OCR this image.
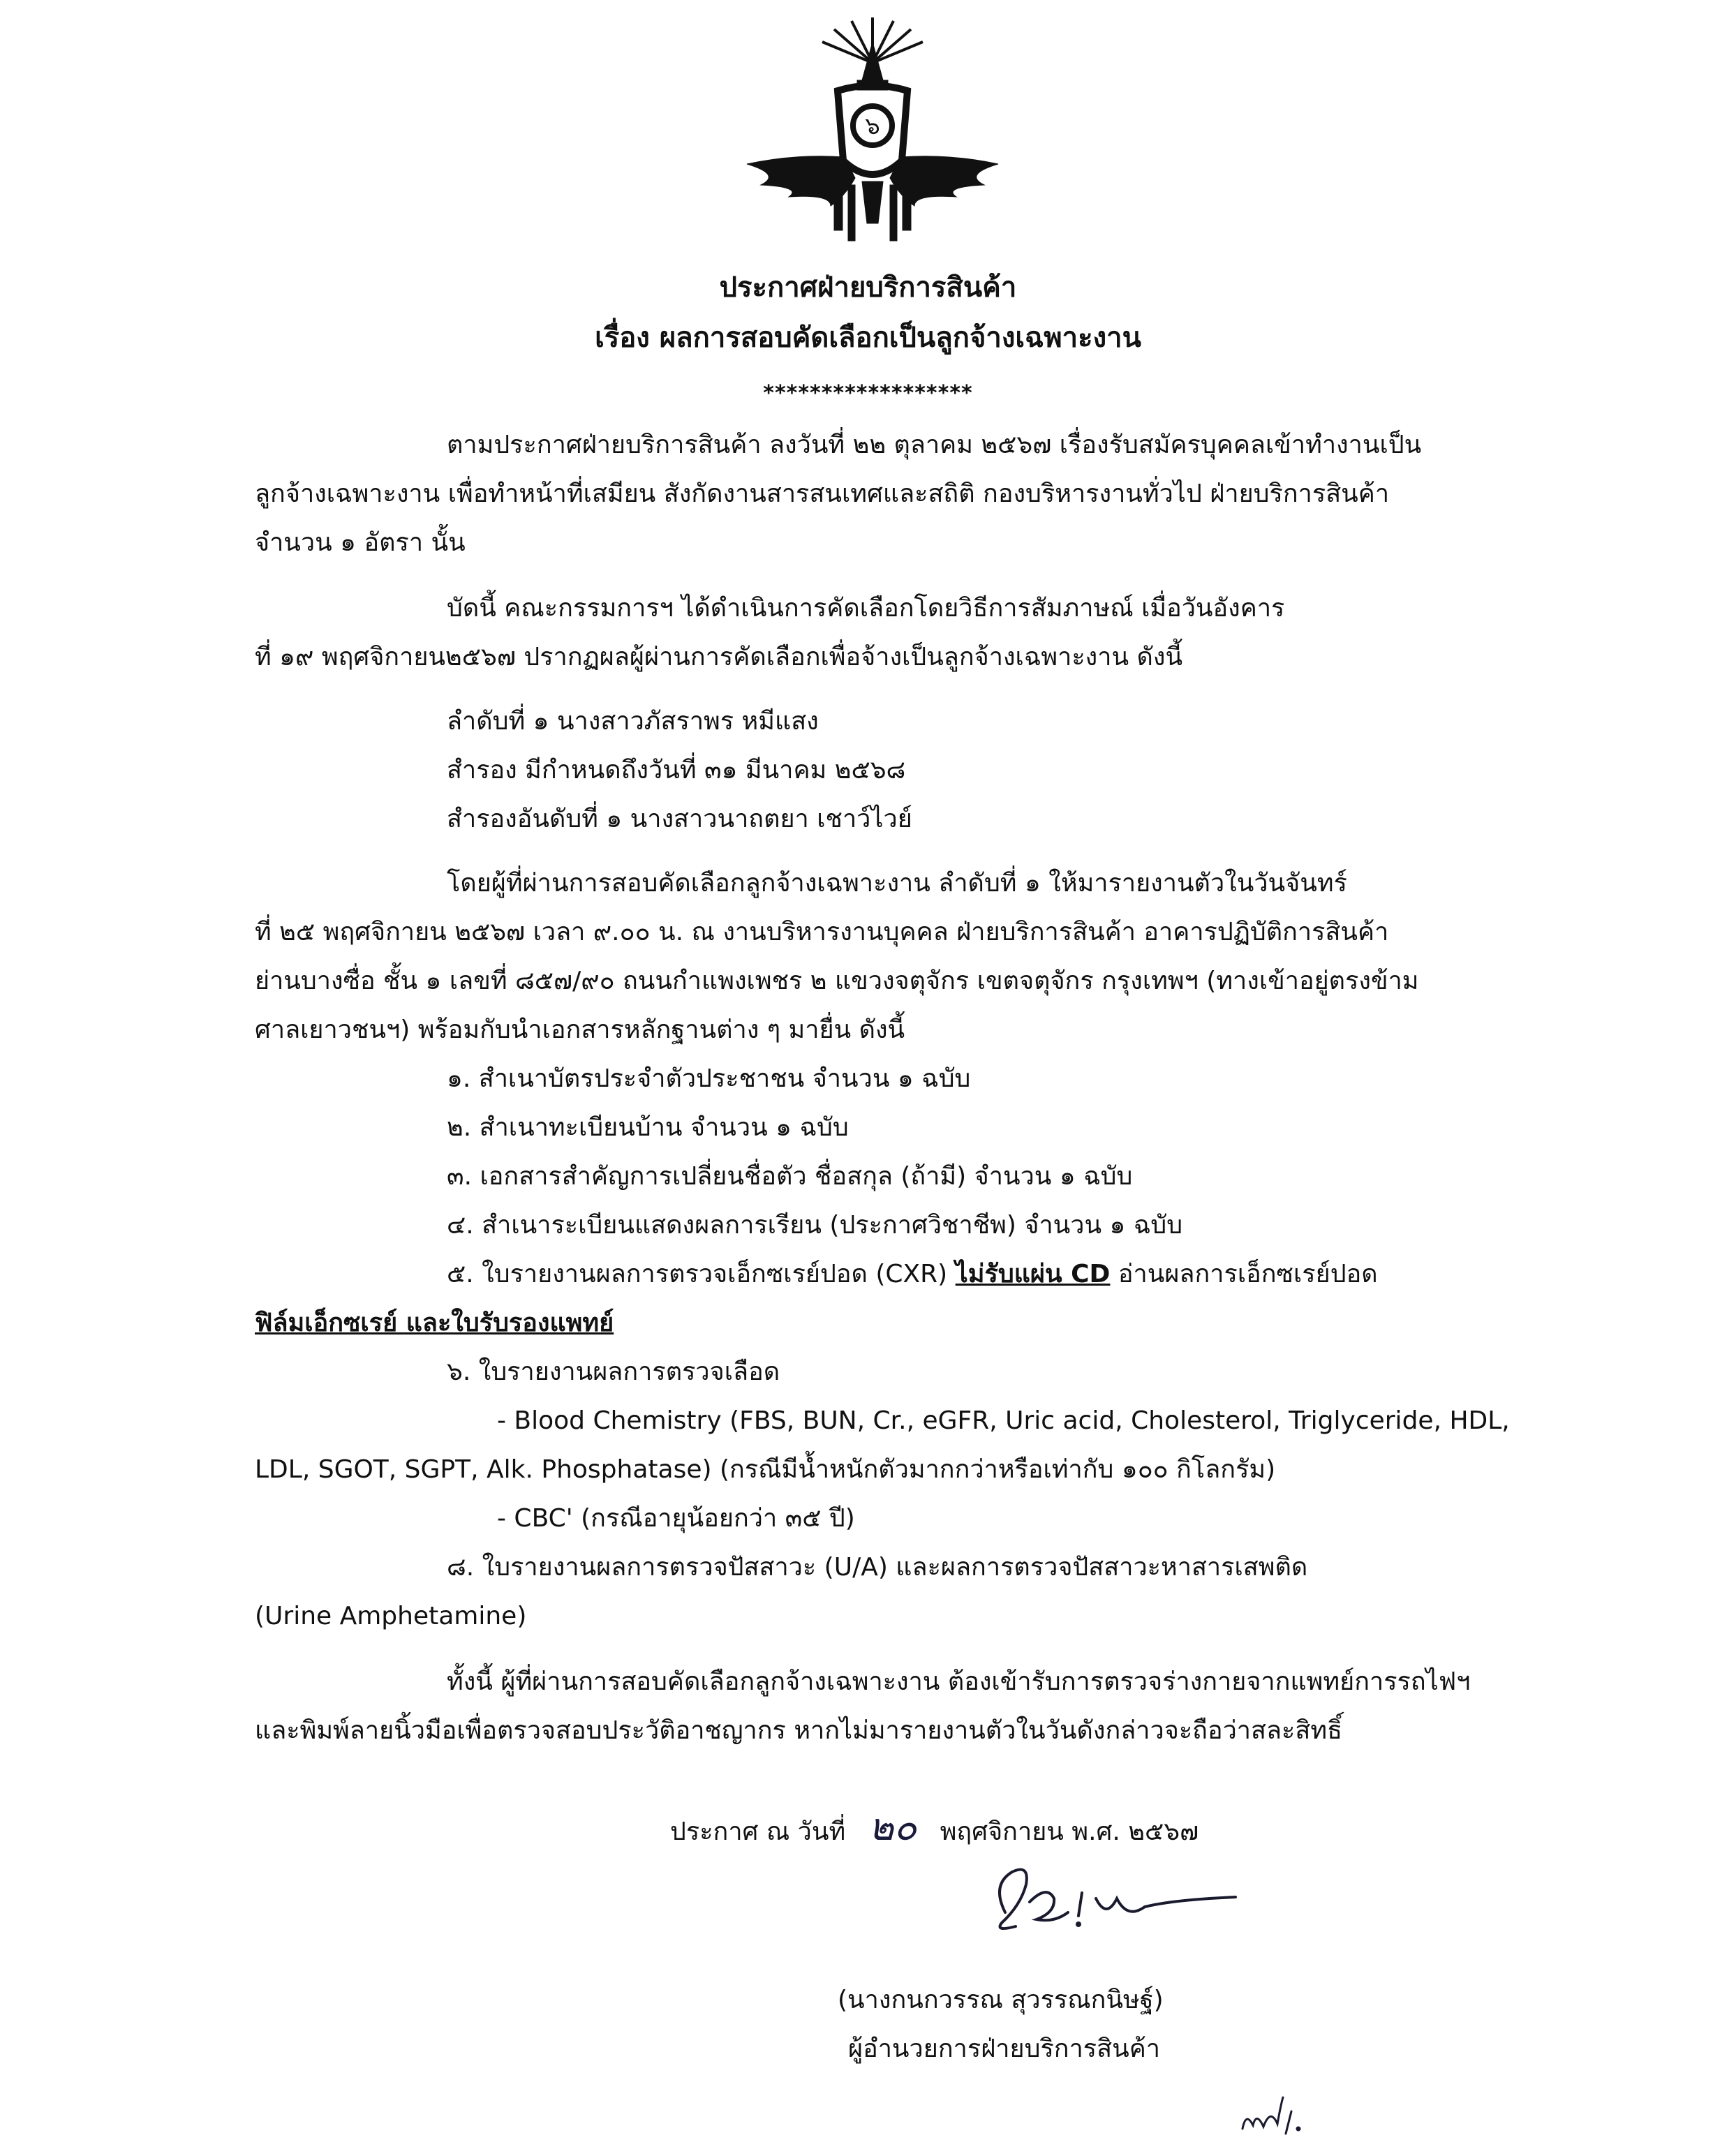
๖
ประกาศฝ่ายบริการสินค้า
เรื่อง ผลการสอบคัดเลือกเป็นลูกจ้างเฉพาะงาน
******************
ตามประกาศฝ่ายบริการสินค้า ลงวันที่ ๒๒ ตุลาคม ๒๕๖๗ เรื่องรับสมัครบุคคลเข้าทำงานเป็น
ลูกจ้างเฉพาะงาน เพื่อทำหน้าที่เสมียน สังกัดงานสารสนเทศและสถิติ กองบริหารงานทั่วไป ฝ่ายบริการสินค้า
จำนวน ๑ อัตรา นั้น
บัดนี้ คณะกรรมการฯ ได้ดำเนินการคัดเลือกโดยวิธีการสัมภาษณ์ เมื่อวันอังคาร
ที่ ๑๙ พฤศจิกายน๒๕๖๗ ปรากฏผลผู้ผ่านการคัดเลือกเพื่อจ้างเป็นลูกจ้างเฉพาะงาน ดังนี้
ลำดับที่ ๑ นางสาวภัสราพร หมีแสง
สำรอง มีกำหนดถึงวันที่ ๓๑ มีนาคม ๒๕๖๘
สำรองอันดับที่ ๑ นางสาวนาถตยา เชาว์ไวย์
โดยผู้ที่ผ่านการสอบคัดเลือกลูกจ้างเฉพาะงาน ลำดับที่ ๑ ให้มารายงานตัวในวันจันทร์
ที่ ๒๕ พฤศจิกายน ๒๕๖๗ เวลา ๙.๐๐ น. ณ งานบริหารงานบุคคล ฝ่ายบริการสินค้า อาคารปฏิบัติการสินค้า
ย่านบางซื่อ ชั้น ๑ เลขที่ ๘๕๗/๙๐ ถนนกำแพงเพชร ๒ แขวงจตุจักร เขตจตุจักร กรุงเทพฯ (ทางเข้าอยู่ตรงข้าม
ศาลเยาวชนฯ) พร้อมกับนำเอกสารหลักฐานต่าง ๆ มายื่น ดังนี้
๑. สำเนาบัตรประจำตัวประชาชน จำนวน ๑ ฉบับ
๒. สำเนาทะเบียนบ้าน จำนวน ๑ ฉบับ
๓. เอกสารสำคัญการเปลี่ยนชื่อตัว ชื่อสกุล (ถ้ามี) จำนวน ๑ ฉบับ
๔. สำเนาระเบียนแสดงผลการเรียน (ประกาศวิชาชีพ) จำนวน ๑ ฉบับ
๕. ใบรายงานผลการตรวจเอ็กซเรย์ปอด (CXR) ไม่รับแผ่น CD อ่านผลการเอ็กซเรย์ปอด
ฟิล์มเอ็กซเรย์ และใบรับรองแพทย์
๖. ใบรายงานผลการตรวจเลือด
- Blood Chemistry (FBS, BUN, Cr., eGFR, Uric acid, Cholesterol, Triglyceride, HDL,
LDL, SGOT, SGPT, Alk. Phosphatase) (กรณีมีน้ำหนักตัวมากกว่าหรือเท่ากับ ๑๐๐ กิโลกรัม)
- CBC' (กรณีอายุน้อยกว่า ๓๕ ปี)
๘. ใบรายงานผลการตรวจปัสสาวะ (U/A) และผลการตรวจปัสสาวะหาสารเสพติด
(Urine Amphetamine)
ทั้งนี้ ผู้ที่ผ่านการสอบคัดเลือกลูกจ้างเฉพาะงาน ต้องเข้ารับการตรวจร่างกายจากแพทย์การรถไฟฯ
และพิมพ์ลายนิ้วมือเพื่อตรวจสอบประวัติอาชญากร หากไม่มารายงานตัวในวันดังกล่าวจะถือว่าสละสิทธิ์
ประกาศ ณ วันที่ ๒๐ พฤศจิกายน พ.ศ. ๒๕๖๗
(นางกนกวรรณ สุวรรณกนิษฐ์)
ผู้อำนวยการฝ่ายบริการสินค้า
